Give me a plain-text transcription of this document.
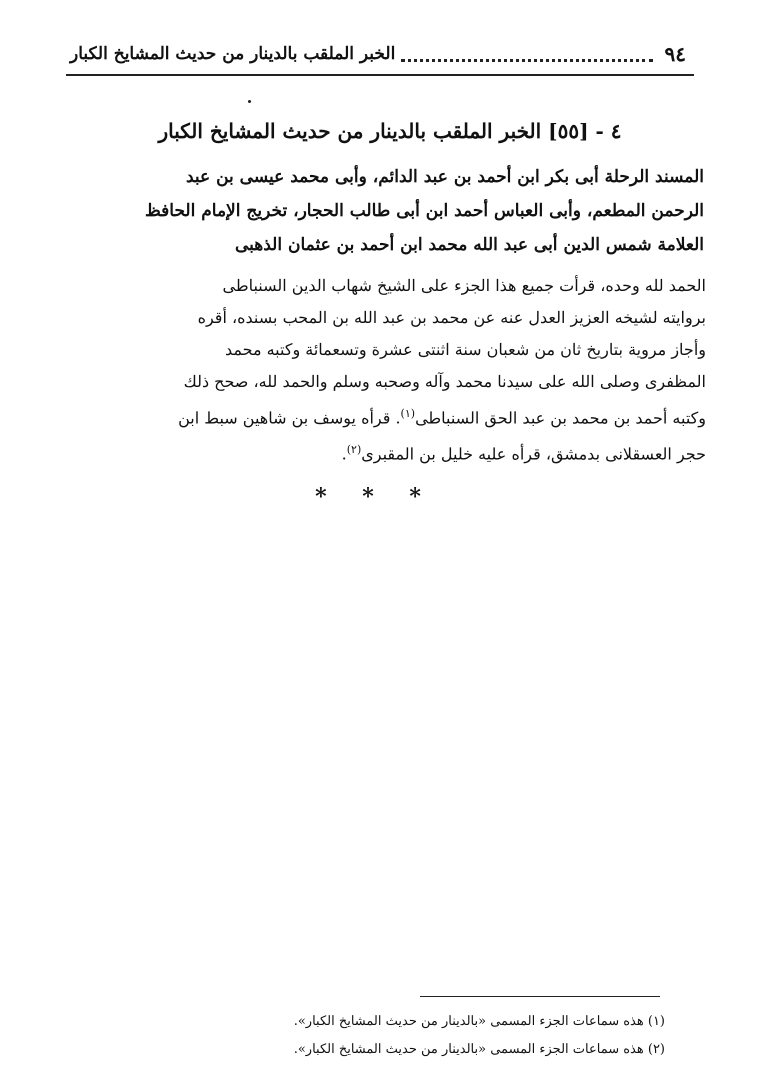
٩٤
الخبر الملقب بالدينار من حديث المشايخ الكبار
٤ - [٥٥] الخبر الملقب بالدينار من حديث المشايخ الكبار

المسند الرحلة أبى بكر ابن أحمد بن عبد الدائم، وأبى محمد عيسى بن عبد

الرحمن المطعم، وأبى العباس أحمد ابن أبى طالب الحجار، تخريج الإمام الحافظ

العلامة شمس الدين أبى عبد الله محمد ابن أحمد بن عثمان الذهبى

الحمد لله وحده، قرأت جميع هذا الجزء على الشيخ شهاب الدين السنباطى

بروايته لشيخه العزيز العدل عنه عن محمد بن عبد الله بن المحب بسنده، أقره

وأجاز مروية بتاريخ ثان من شعبان سنة اثنتى عشرة وتسعمائة وكتبه محمد

المظفرى وصلى الله على سيدنا محمد وآله وصحبه وسلم والحمد لله، صحح ذلك

وكتبه أحمد بن محمد بن عبد الحق السنباطى$^{(١)}$. قرأه يوسف بن شاهين سبط ابن

حجر العسقلانى بدمشق، قرأه عليه خليل بن المقبرى$^{(٢)}$.

* * *

(١) هذه سماعات الجزء المسمى «بالدينار من حديث المشايخ الكبار».

(٢) هذه سماعات الجزء المسمى «بالدينار من حديث المشايخ الكبار».
